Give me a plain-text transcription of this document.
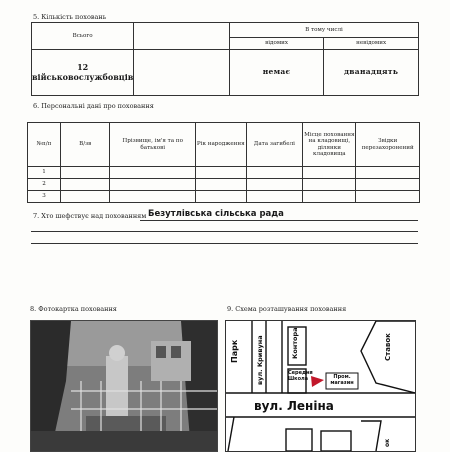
5. Кількість поховань
Всього		В тому числі	
		відомих	невідомих

12
військовослужбовців		немає	дванадцять
6. Персональні дані про поховання
№п/п	В/зв	Прізвище, ім'я та по батькові	Рік народження	Дата загибелі	Місце поховання на кладовищі, ділянки кладовища	Звідки перезахоронений
1						
2						
3						
7. Хто шефствує над похованням Безутлівська сільська рада
8. Фотокартка поховання	9. Схема розташування поховання
Парк	вул. Кривуна	Контора
Середня Школа	Пром. магазин
Ставок
вул. Леніна
ок
